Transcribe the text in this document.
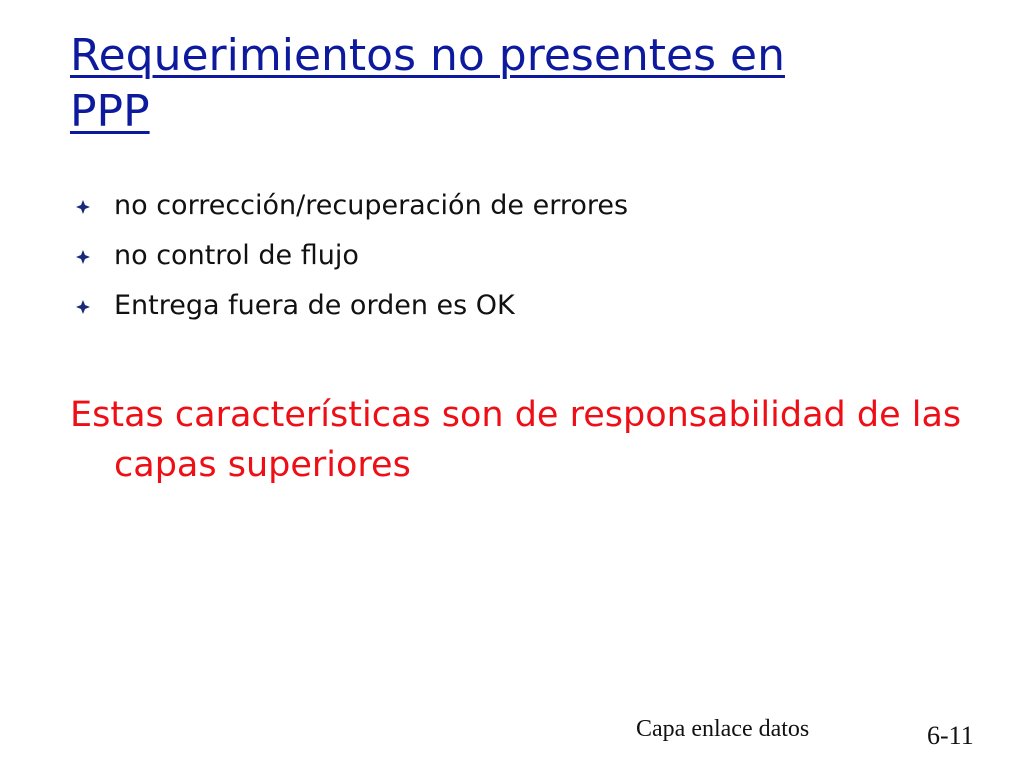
Requerimientos no presentes en
PPP
no corrección/recuperación de errores
no control de flujo
Entrega fuera de orden es OK

Estas características son de responsabilidad de las capas superiores

Capa enlace datos	6-11
